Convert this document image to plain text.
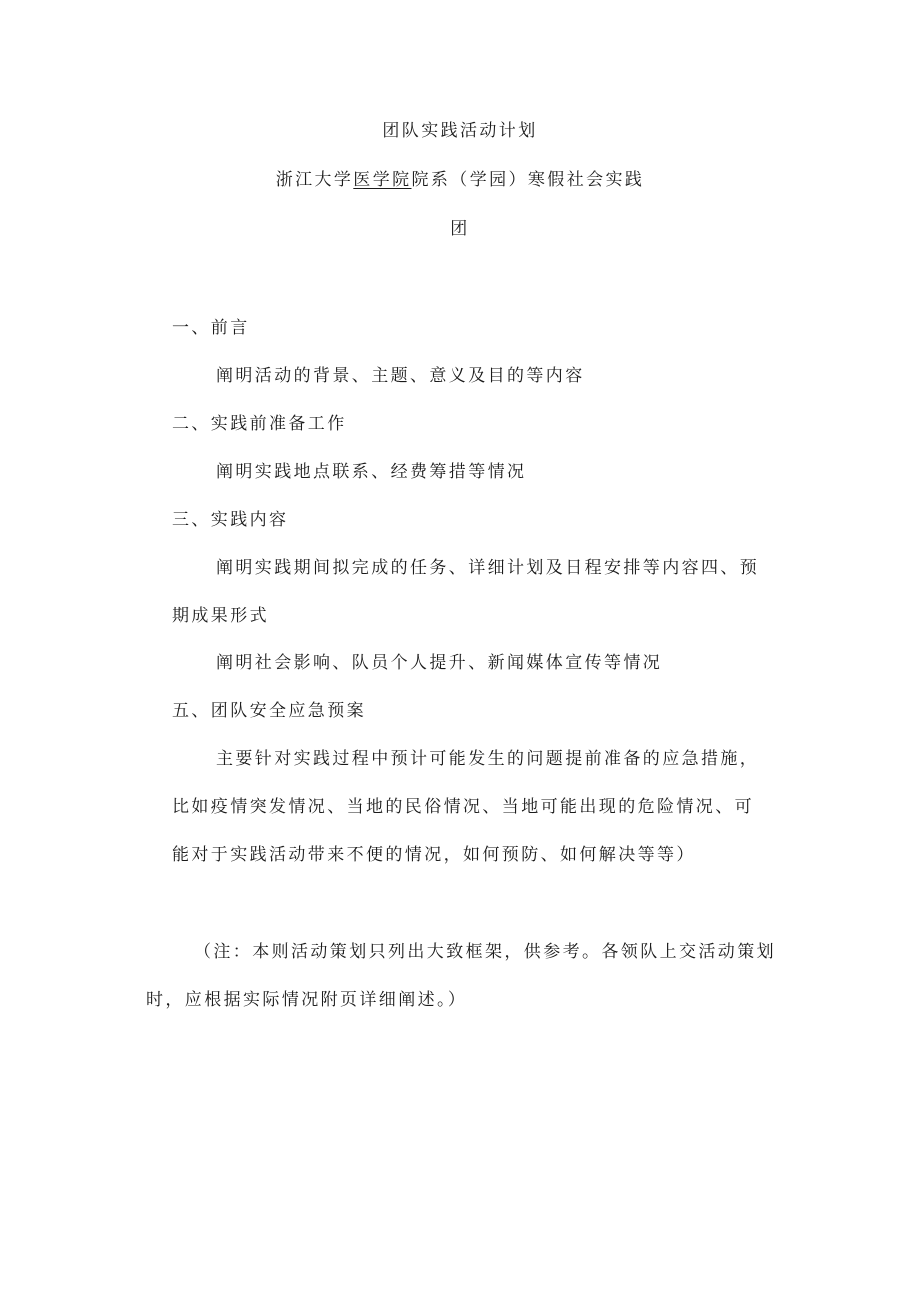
团队实践活动计划
浙江大学医学院院系（学园）寒假社会实践
团
一、前言
阐明活动的背景、主题、意义及目的等内容
二、实践前准备工作
阐明实践地点联系、经费筹措等情况
三、实践内容
阐明实践期间拟完成的任务、详细计划及日程安排等内容四、预
期成果形式
阐明社会影响、队员个人提升、新闻媒体宣传等情况
五、团队安全应急预案
主要针对实践过程中预计可能发生的问题提前准备的应急措施，
比如疫情突发情况、当地的民俗情况、当地可能出现的危险情况、可
能对于实践活动带来不便的情况，如何预防、如何解决等等）
（注：本则活动策划只列出大致框架，供参考。各领队上交活动策划
时，应根据实际情况附页详细阐述。）
